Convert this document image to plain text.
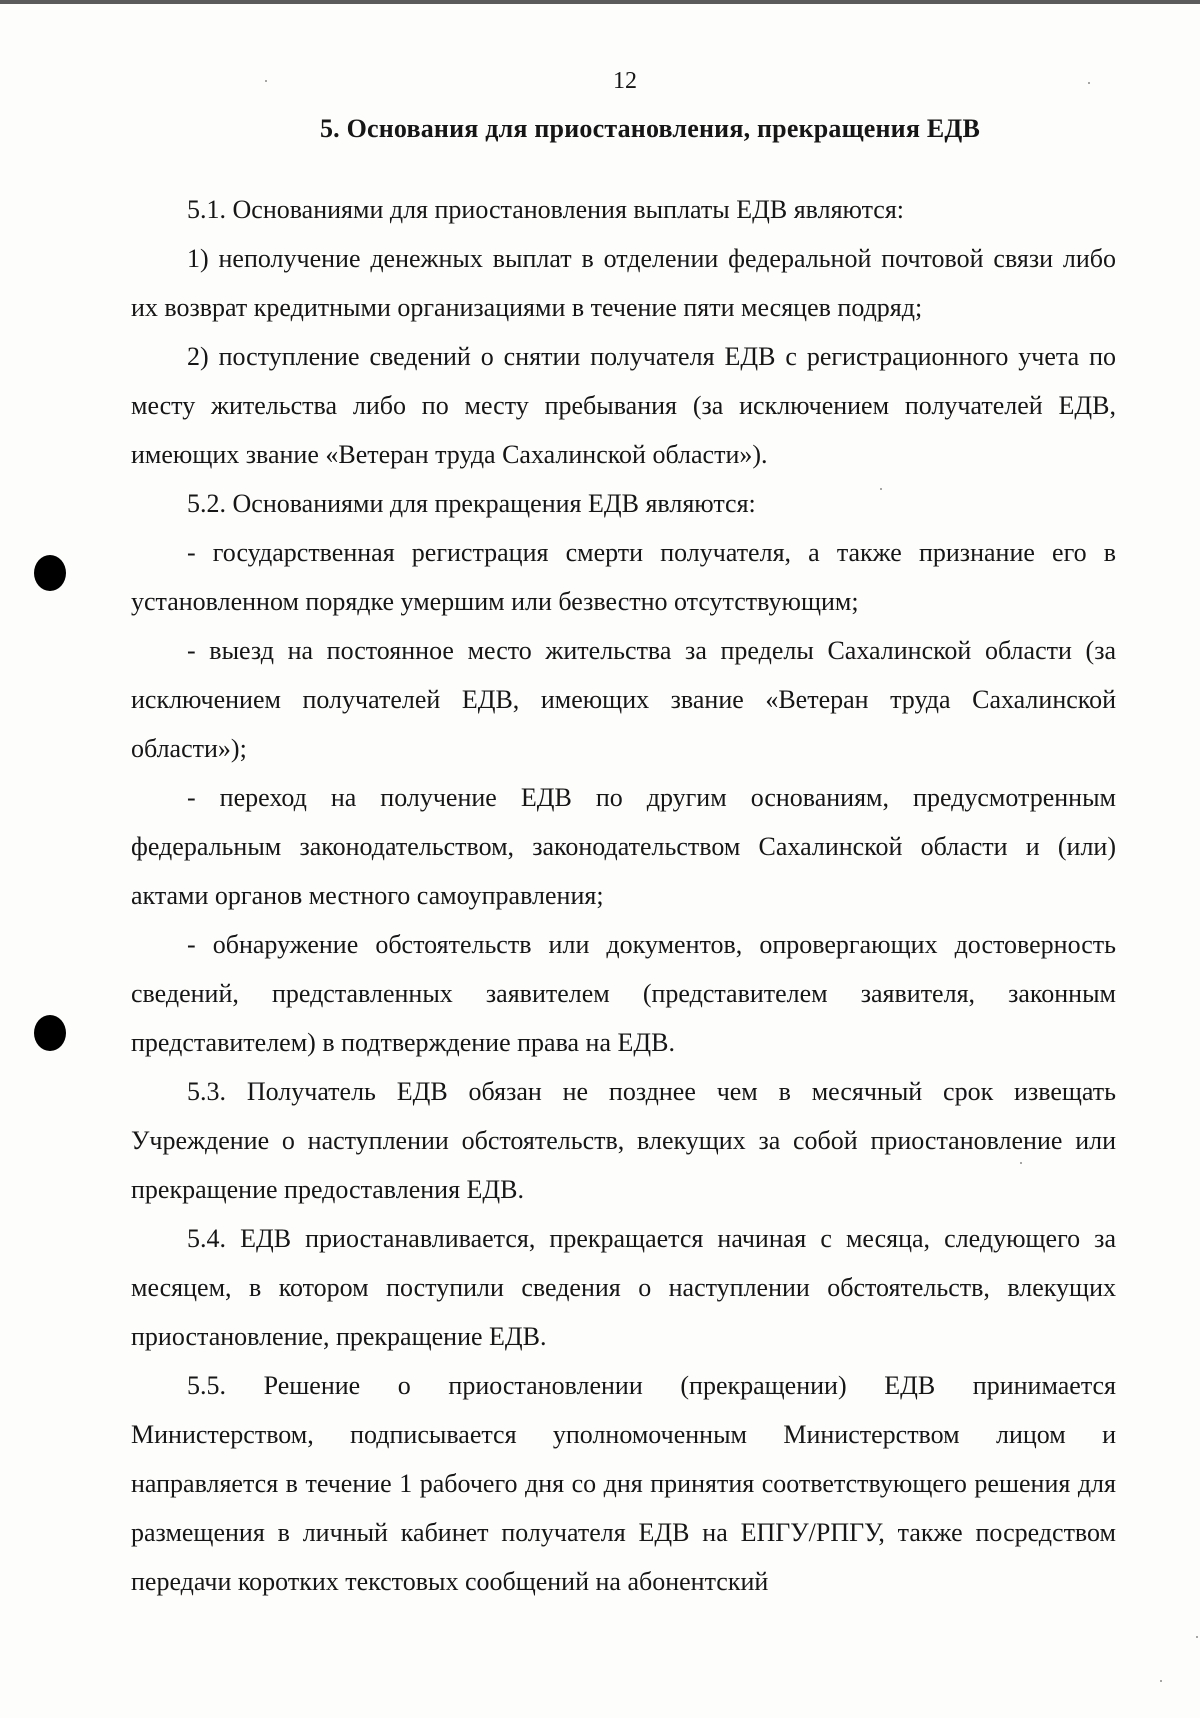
12
5. Основания для приостановления, прекращения ЕДВ

5.1. Основаниями для приостановления выплаты ЕДВ являются:

1) неполучение денежных выплат в отделении федеральной почтовой связи либо их возврат кредитными организациями в течение пяти месяцев подряд;

2) поступление сведений о снятии получателя ЕДВ с регистрационного учета по месту жительства либо по месту пребывания (за исключением получателей ЕДВ, имеющих звание «Ветеран труда Сахалинской области»).

5.2. Основаниями для прекращения ЕДВ являются:

- государственная регистрация смерти получателя, а также признание его в установленном порядке умершим или безвестно отсутствующим;

- выезд на постоянное место жительства за пределы Сахалинской области (за исключением получателей ЕДВ, имеющих звание «Ветеран труда Сахалинской области»);

- переход на получение ЕДВ по другим основаниям, предусмотренным федеральным законодательством, законодательством Сахалинской области и (или) актами органов местного самоуправления;

- обнаружение обстоятельств или документов, опровергающих достоверность сведений, представленных заявителем (представителем заявителя, законным представителем) в подтверждение права на ЕДВ.

5.3. Получатель ЕДВ обязан не позднее чем в месячный срок извещать Учреждение о наступлении обстоятельств, влекущих за собой приостановление или прекращение предоставления ЕДВ.

5.4. ЕДВ приостанавливается, прекращается начиная с месяца, следующего за месяцем, в котором поступили сведения о наступлении обстоятельств, влекущих приостановление, прекращение ЕДВ.

5.5. Решение о приостановлении (прекращении) ЕДВ принимается Министерством, подписывается уполномоченным Министерством лицом и направляется в течение 1 рабочего дня со дня принятия соответствующего решения для размещения в личный кабинет получателя ЕДВ на ЕПГУ/РПГУ, также посредством передачи коротких текстовых сообщений на абонентский
